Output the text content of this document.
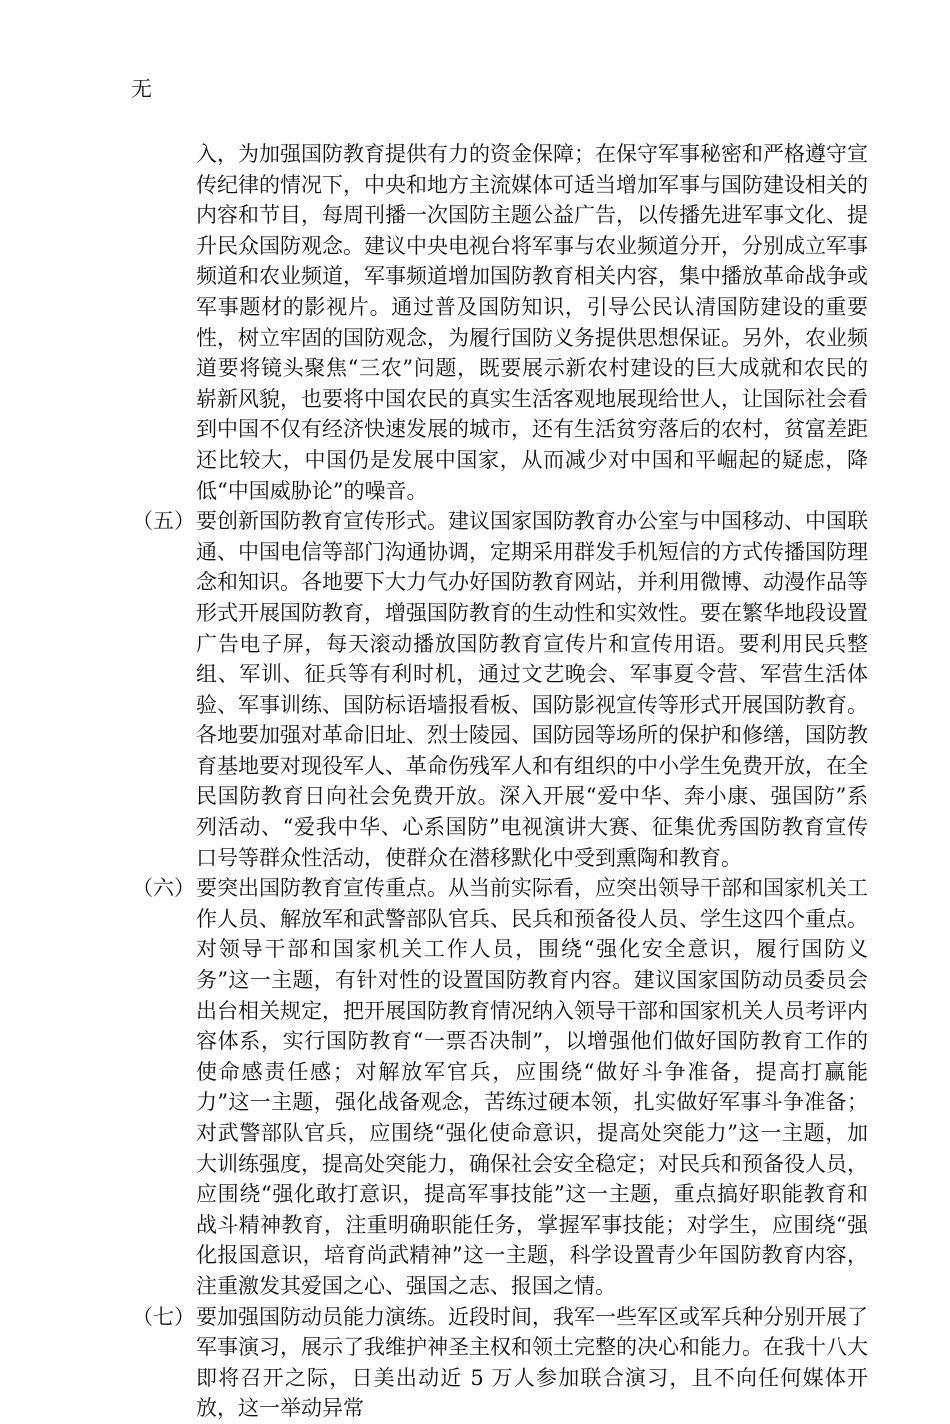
无

入，为加强国防教育提供有力的资金保障；在保守军事秘密和严格遵守宣传纪律的情况下，中央和地方主流媒体可适当增加军事与国防建设相关的内容和节目，每周刊播一次国防主题公益广告，以传播先进军事文化、提升民众国防观念。建议中央电视台将军事与农业频道分开，分别成立军事频道和农业频道，军事频道增加国防教育相关内容，集中播放革命战争或军事题材的影视片。通过普及国防知识，引导公民认清国防建设的重要性，树立牢固的国防观念，为履行国防义务提供思想保证。另外，农业频道要将镜头聚焦“三农”问题，既要展示新农村建设的巨大成就和农民的崭新风貌，也要将中国农民的真实生活客观地展现给世人，让国际社会看到中国不仅有经济快速发展的城市，还有生活贫穷落后的农村，贫富差距还比较大，中国仍是发展中国家，从而减少对中国和平崛起的疑虑，降低“中国威胁论”的噪音。

（五） 要创新国防教育宣传形式。建议国家国防教育办公室与中国移动、中国联通、中国电信等部门沟通协调，定期采用群发手机短信的方式传播国防理念和知识。各地要下大力气办好国防教育网站，并利用微博、动漫作品等形式开展国防教育，增强国防教育的生动性和实效性。要在繁华地段设置广告电子屏，每天滚动播放国防教育宣传片和宣传用语。要利用民兵整组、军训、征兵等有利时机，通过文艺晚会、军事夏令营、军营生活体验、军事训练、国防标语墙报看板、国防影视宣传等形式开展国防教育。各地要加强对革命旧址、烈士陵园、国防园等场所的保护和修缮，国防教育基地要对现役军人、革命伤残军人和有组织的中小学生免费开放，在全民国防教育日向社会免费开放。深入开展“爱中华、奔小康、强国防”系列活动、“爱我中华、心系国防”电视演讲大赛、征集优秀国防教育宣传口号等群众性活动，使群众在潜移默化中受到熏陶和教育。

（六） 要突出国防教育宣传重点。从当前实际看，应突出领导干部和国家机关工作人员、解放军和武警部队官兵、民兵和预备役人员、学生这四个重点。对领导干部和国家机关工作人员，围绕“强化安全意识，履行国防义务”这一主题，有针对性的设置国防教育内容。建议国家国防动员委员会出台相关规定，把开展国防教育情况纳入领导干部和国家机关人员考评内容体系，实行国防教育“一票否决制”，以增强他们做好国防教育工作的使命感责任感；对解放军官兵，应围绕“做好斗争准备，提高打赢能力”这一主题，强化战备观念，苦练过硬本领，扎实做好军事斗争准备；对武警部队官兵，应围绕“强化使命意识，提高处突能力”这一主题，加大训练强度，提高处突能力，确保社会安全稳定；对民兵和预备役人员，应围绕“强化敢打意识，提高军事技能”这一主题，重点搞好职能教育和战斗精神教育，注重明确职能任务，掌握军事技能；对学生，应围绕“强化报国意识，培育尚武精神”这一主题，科学设置青少年国防教育内容，注重激发其爱国之心、强国之志、报国之情。

（七） 要加强国防动员能力演练。近段时间，我军一些军区或军兵种分别开展了军事演习，展示了我维护神圣主权和领土完整的决心和能力。在我十八大即将召开之际，日美出动近 5 万人参加联合演习，且不向任何媒体开放，这一举动异常
